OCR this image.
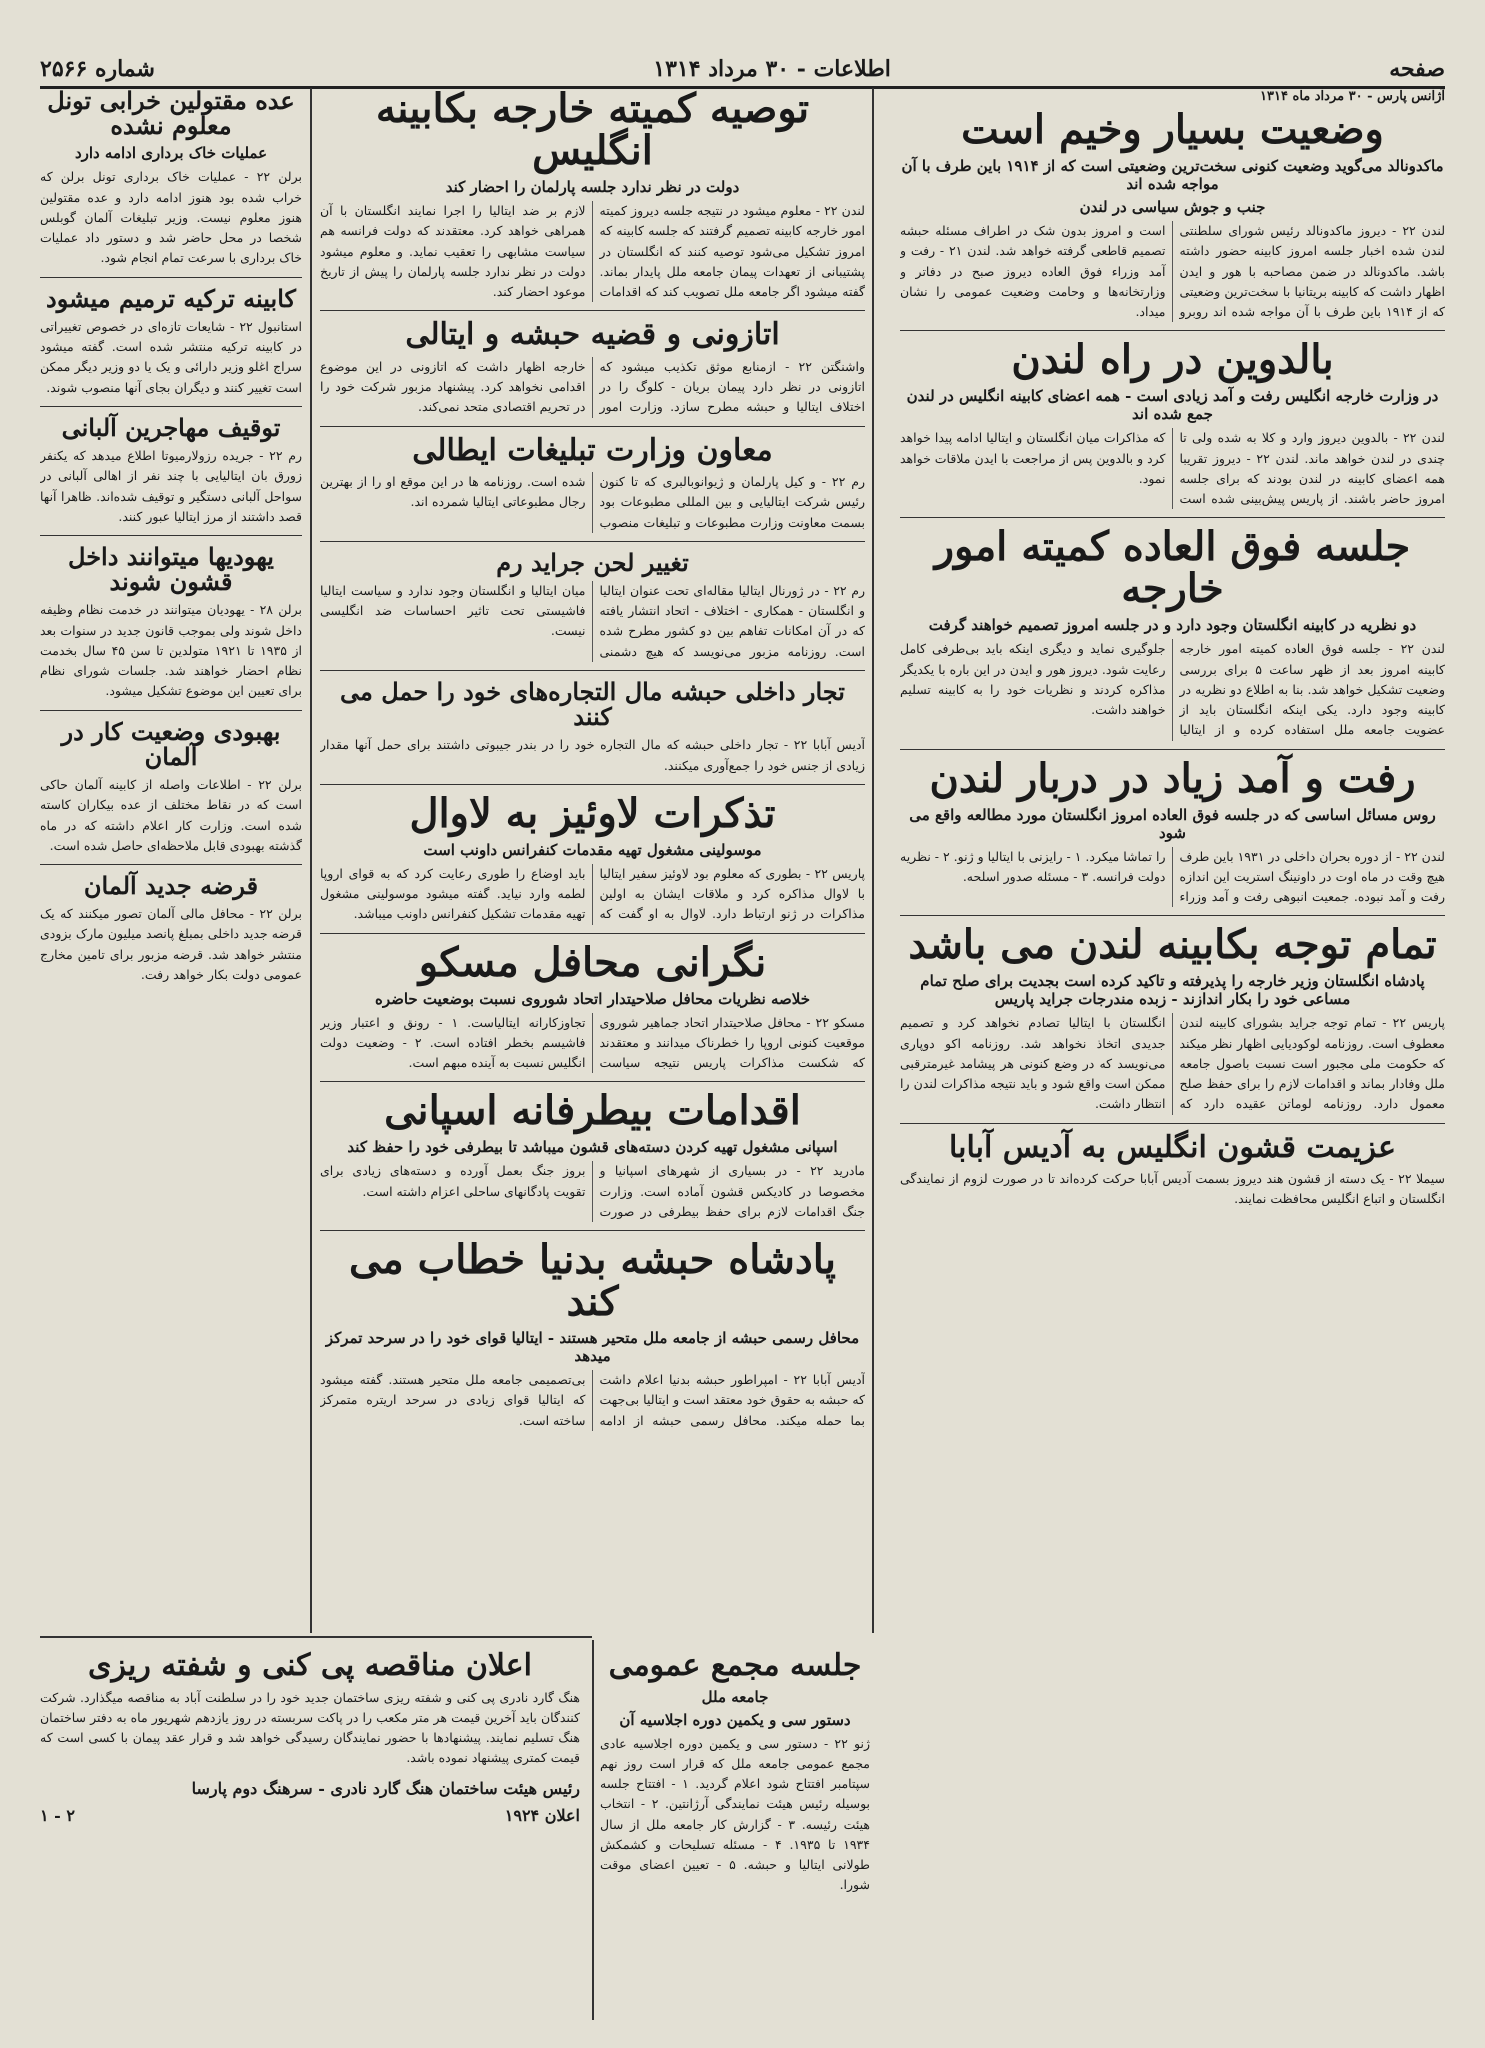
صفحه
اطلاعات - ۳۰ مرداد ۱۳۱۴
شماره ۲۵۶۶
آژانس پارس - ۳۰ مرداد ماه ۱۳۱۴
وضعیت بسیار وخیم است
ماکدونالد می‌گوید وضعیت کنونی سخت‌ترین وضعیتی است که از ۱۹۱۴ باین طرف با آن مواجه شده اند
جنب و جوش سیاسی در لندن
لندن ۲۲ - دیروز ماکدونالد رئیس شورای سلطنتی لندن شده اخبار جلسه امروز کابینه حضور داشته باشد. ماکدونالد در ضمن مصاحبه با هور و ایدن اظهار داشت که کابینه بریتانیا با سخت‌ترین وضعیتی که از ۱۹۱۴ باین طرف با آن مواجه شده اند روبرو است و امروز بدون شک در اطراف مسئله حبشه تصمیم قاطعی گرفته خواهد شد. لندن ۲۱ - رفت و آمد وزراء فوق العاده دیروز صبح در دفاتر و وزارتخانه‌ها و وحامت وضعیت عمومی را نشان میداد.
بالدوین در راه لندن
در وزارت خارجه انگلیس رفت و آمد زیادی است - همه اعضای کابینه انگلیس در لندن جمع شده اند
لندن ۲۲ - بالدوین دیروز وارد و کلا به شده ولی تا چندی در لندن خواهد ماند. لندن ۲۲ - دیروز تقریبا همه اعضای کابینه در لندن بودند که برای جلسه امروز حاضر باشند. از پاریس پیش‌بینی شده است که مذاکرات میان انگلستان و ایتالیا ادامه پیدا خواهد کرد و بالدوین پس از مراجعت با ایدن ملاقات خواهد نمود.
جلسه فوق العاده کمیته امور خارجه
دو نظریه در کابینه انگلستان وجود دارد و در جلسه امروز تصمیم خواهند گرفت
لندن ۲۲ - جلسه فوق العاده کمیته امور خارجه کابینه امروز بعد از ظهر ساعت ۵ برای بررسی وضعیت تشکیل خواهد شد. بنا به اطلاع دو نظریه در کابینه وجود دارد. یکی اینکه انگلستان باید از عضویت جامعه ملل استفاده کرده و از ایتالیا جلوگیری نماید و دیگری اینکه باید بی‌طرفی کامل رعایت شود. دیروز هور و ایدن در این باره با یکدیگر مذاکره کردند و نظریات خود را به کابینه تسلیم خواهند داشت.
رفت و آمد زیاد در دربار لندن
روس مسائل اساسی که در جلسه فوق العاده امروز انگلستان مورد مطالعه واقع می شود
لندن ۲۲ - از دوره بحران داخلی در ۱۹۳۱ باین طرف هیچ وقت در ماه اوت در داونینگ استریت این اندازه رفت و آمد نبوده. جمعیت انبوهی رفت و آمد وزراء را تماشا میکرد. ۱ - رایزنی با ایتالیا و ژنو. ۲ - نظریه دولت فرانسه. ۳ - مسئله صدور اسلحه.
تمام توجه بکابینه لندن می باشد
پادشاه انگلستان وزیر خارجه را پذیرفته و تاکید کرده است بجدیت برای صلح تمام مساعی خود را بکار اندازند - زبده مندرجات جراید پاریس
پاریس ۲۲ - تمام توجه جراید بشورای کابینه لندن معطوف است. روزنامه لوکودیایی اظهار نظر میکند که حکومت ملی مجبور است نسبت باصول جامعه ملل وفادار بماند و اقدامات لازم را برای حفظ صلح معمول دارد. روزنامه لوماتن عقیده دارد که انگلستان با ایتالیا تصادم نخواهد کرد و تصمیم جدیدی اتخاذ نخواهد شد. روزنامه اکو دوپاری می‌نویسد که در وضع کنونی هر پیشامد غیرمترقبی ممکن است واقع شود و باید نتیجه مذاکرات لندن را انتظار داشت.
عزیمت قشون انگلیس به آدیس آبابا
سیملا ۲۲ - یک دسته از قشون هند دیروز بسمت آدیس آبابا حرکت کرده‌اند تا در صورت لزوم از نمایندگی انگلستان و اتباع انگلیس محافظت نمایند.
توصیه کمیته خارجه بکابینه انگلیس
دولت در نظر ندارد جلسه پارلمان را احضار کند
لندن ۲۲ - معلوم میشود در نتیجه جلسه دیروز کمیته امور خارجه کابینه تصمیم گرفتند که جلسه کابینه که امروز تشکیل می‌شود توصیه کنند که انگلستان در پشتیبانی از تعهدات پیمان جامعه ملل پایدار بماند. گفته میشود اگر جامعه ملل تصویب کند که اقدامات لازم بر ضد ایتالیا را اجرا نمایند انگلستان با آن همراهی خواهد کرد. معتقدند که دولت فرانسه هم سیاست مشابهی را تعقیب نماید. و معلوم میشود دولت در نظر ندارد جلسه پارلمان را پیش از تاریخ موعود احضار کند.
اتازونی و قضیه حبشه و ایتالی
واشنگتن ۲۲ - ازمنابع موثق تکذیب میشود که اتازونی در نظر دارد پیمان بریان - کلوگ را در اختلاف ایتالیا و حبشه مطرح سازد. وزارت امور خارجه اظهار داشت که اتازونی در این موضوع اقدامی نخواهد کرد. پیشنهاد مزبور شرکت خود را در تحریم اقتصادی متحد نمی‌کند.
معاون وزارت تبلیغات ایطالی
رم ۲۲ - و کیل پارلمان و ژیوانوبالبری که تا کنون رئیس شرکت ایتالیایی و بین المللی مطبوعات بود بسمت معاونت وزارت مطبوعات و تبلیغات منصوب شده است. روزنامه ها در این موقع او را از بهترین رجال مطبوعاتی ایتالیا شمرده اند.
تغییر لحن جراید رم
رم ۲۲ - در ژورنال ایتالیا مقاله‌ای تحت عنوان ایتالیا و انگلستان - همکاری - اختلاف - اتحاد انتشار یافته که در آن امکانات تفاهم بین دو کشور مطرح شده است. روزنامه مزبور می‌نویسد که هیچ دشمنی میان ایتالیا و انگلستان وجود ندارد و سیاست ایتالیا فاشیستی تحت تاثیر احساسات ضد انگلیسی نیست.
تجار داخلی حبشه مال التجاره‌های خود را حمل می کنند
آدیس آبابا ۲۲ - تجار داخلی حبشه که مال التجاره خود را در بندر جیبوتی داشتند برای حمل آنها مقدار زیادی از جنس خود را جمع‌آوری میکنند.
تذکرات لاوئیز به لاوال
موسولینی مشغول تهیه مقدمات کنفرانس داونب است
پاریس ۲۲ - بطوری که معلوم بود لاوئیز سفیر ایتالیا با لاوال مذاکره کرد و ملاقات ایشان به اولین مذاکرات در ژنو ارتباط دارد. لاوال به او گفت که باید اوضاع را طوری رعایت کرد که به قوای اروپا لطمه وارد نیاید. گفته میشود موسولینی مشغول تهیه مقدمات تشکیل کنفرانس داونب میباشد.
نگرانی محافل مسکو
خلاصه نظریات محافل صلاحیتدار اتحاد شوروی نسبت بوضعیت حاضره
مسکو ۲۲ - محافل صلاحیتدار اتحاد جماهیر شوروی موقعیت کنونی اروپا را خطرناک میدانند و معتقدند که شکست مذاکرات پاریس نتیجه سیاست تجاوزکارانه ایتالیاست. ۱ - رونق و اعتبار وزیر فاشیسم بخطر افتاده است. ۲ - وضعیت دولت انگلیس نسبت به آینده مبهم است.
اقدامات بیطرفانه اسپانی
اسپانی مشغول تهیه کردن دسته‌های قشون میباشد تا بیطرفی خود را حفظ کند
مادرید ۲۲ - در بسیاری از شهرهای اسپانیا و مخصوصا در کادیکس قشون آماده است. وزارت جنگ اقدامات لازم برای حفظ بیطرفی در صورت بروز جنگ بعمل آورده و دسته‌های زیادی برای تقویت پادگانهای ساحلی اعزام داشته است.
پادشاه حبشه بدنیا خطاب می کند
محافل رسمی حبشه از جامعه ملل متحیر هستند - ایتالیا قوای خود را در سرحد تمرکز میدهد
آدیس آبابا ۲۲ - امپراطور حبشه بدنیا اعلام داشت که حبشه به حقوق خود معتقد است و ایتالیا بی‌جهت بما حمله میکند. محافل رسمی حبشه از ادامه بی‌تصمیمی جامعه ملل متحیر هستند. گفته میشود که ایتالیا قوای زیادی در سرحد اریتره متمرکز ساخته است.
عده مقتولین خرابی تونل معلوم نشده
عملیات خاک برداری ادامه دارد
برلن ۲۲ - عملیات خاک برداری تونل برلن که خراب شده بود هنوز ادامه دارد و عده مقتولین هنوز معلوم نیست. وزیر تبلیغات آلمان گوبلس شخصا در محل حاضر شد و دستور داد عملیات خاک برداری با سرعت تمام انجام شود.
کابینه ترکیه ترمیم میشود
استانبول ۲۲ - شایعات تازه‌ای در خصوص تغییراتی در کابینه ترکیه منتشر شده است. گفته میشود سراج اغلو وزیر دارائی و یک یا دو وزیر دیگر ممکن است تغییر کنند و دیگران بجای آنها منصوب شوند.
توقیف مهاجرین آلبانی
رم ۲۲ - جریده رزولارمیوتا اطلاع میدهد که یکنفر زورق بان ایتالیایی با چند نفر از اهالی آلبانی در سواحل آلبانی دستگیر و توقیف شده‌اند. ظاهرا آنها قصد داشتند از مرز ایتالیا عبور کنند.
یهودیها میتوانند داخل قشون شوند
برلن ۲۸ - یهودیان میتوانند در خدمت نظام وظیفه داخل شوند ولی بموجب قانون جدید در سنوات بعد از ۱۹۳۵ تا ۱۹۲۱ متولدین تا سن ۴۵ سال بخدمت نظام احضار خواهند شد. جلسات شورای نظام برای تعیین این موضوع تشکیل میشود.
بهبودی وضعیت کار در آلمان
برلن ۲۲ - اطلاعات واصله از کابینه آلمان حاکی است که در نقاط مختلف از عده بیکاران کاسته شده است. وزارت کار اعلام داشته که در ماه گذشته بهبودی قابل ملاحظه‌ای حاصل شده است.
قرضه جدید آلمان
برلن ۲۲ - محافل مالی آلمان تصور میکنند که یک قرضه جدید داخلی بمبلغ پانصد میلیون مارک بزودی منتشر خواهد شد. قرضه مزبور برای تامین مخارج عمومی دولت بکار خواهد رفت.
اعلان مناقصه پی کنی و شفته ریزی
هنگ گارد نادری پی کنی و شفته ریزی ساختمان جدید خود را در سلطنت آباد به مناقصه میگذارد. شرکت کنندگان باید آخرین قیمت هر متر مکعب را در پاکت سربسته در روز یازدهم شهریور ماه به دفتر ساختمان هنگ تسلیم نمایند. پیشنهادها با حضور نمایندگان رسیدگی خواهد شد و قرار عقد پیمان با کسی است که قیمت کمتری پیشنهاد نموده باشد.
رئیس هیئت ساختمان هنگ گارد نادری - سرهنگ دوم پارسا
اعلان ۱۹۲۴
۲ - ۱
جلسه مجمع عمومی
جامعه ملل
دستور سی و یکمین دوره اجلاسیه آن
ژنو ۲۲ - دستور سی و یکمین دوره اجلاسیه عادی مجمع عمومی جامعه ملل که قرار است روز نهم سپتامبر افتتاح شود اعلام گردید. ۱ - افتتاح جلسه بوسیله رئیس هیئت نمایندگی آرژانتین. ۲ - انتخاب هیئت رئیسه. ۳ - گزارش کار جامعه ملل از سال ۱۹۳۴ تا ۱۹۳۵. ۴ - مسئله تسلیحات و کشمکش طولانی ایتالیا و حبشه. ۵ - تعیین اعضای موقت شورا.
